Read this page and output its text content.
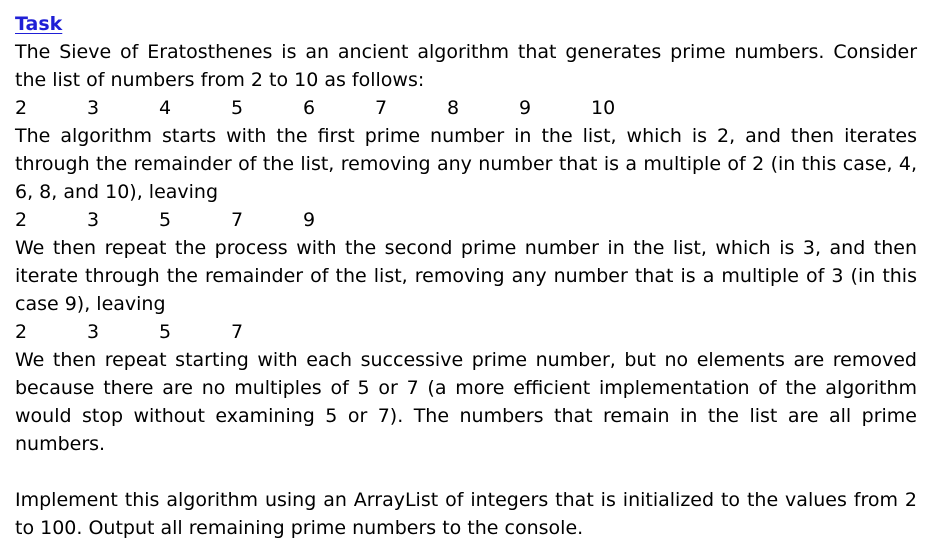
Task

The Sieve of Eratosthenes is an ancient algorithm that generates prime numbers. Consider the list of numbers from 2 to 10 as follows:

2	3	4	5	6	7	8	9	10

The algorithm starts with the first prime number in the list, which is 2, and then iterates through the remainder of the list, removing any number that is a multiple of 2 (in this case, 4, 6, 8, and 10), leaving

2	3	5	7	9

We then repeat the process with the second prime number in the list, which is 3, and then iterate through the remainder of the list, removing any number that is a multiple of 3 (in this case 9), leaving

2	3	5	7

We then repeat starting with each successive prime number, but no elements are removed because there are no multiples of 5 or 7 (a more efficient implementation of the algorithm would stop without examining 5 or 7). The numbers that remain in the list are all prime numbers.

Implement this algorithm using an ArrayList of integers that is initialized to the values from 2 to 100. Output all remaining prime numbers to the console.
